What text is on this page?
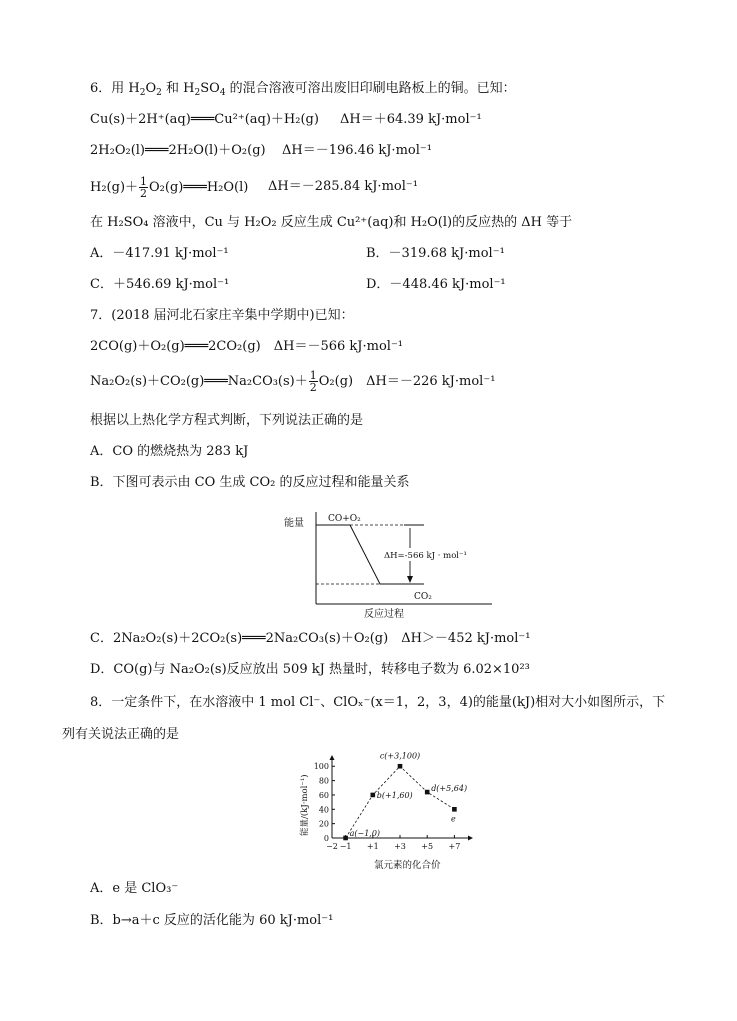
6．用 $H_2O_2$ 和 $H_2SO_4$ 的混合溶液可溶出废旧印刷电路板上的铜。已知：
Cu(s)＋2H⁺(aq)═══Cu²⁺(aq)＋H₂(g) ΔH＝＋64.39 kJ·mol⁻¹
2H₂O₂(l)═══2H₂O(l)＋O₂(g) ΔH＝－196.46 kJ·mol⁻¹
$H_2(g)+ \frac{1}{2}$ O₂(g)═══H₂O(l) ΔH＝－285.84 kJ·mol⁻¹
在 H₂SO₄ 溶液中，Cu 与 H₂O₂ 反应生成 Cu²⁺(aq)和 H₂O(l)的反应热的 ΔH 等于
A．－417.91 kJ·mol⁻¹	B．－319.68 kJ·mol⁻¹
C．＋546.69 kJ·mol⁻¹	D．－448.46 kJ·mol⁻¹
7．(2018 届河北石家庄辛集中学期中)已知：
2CO(g)＋O₂(g)═══2CO₂(g)　 ΔH＝－566 kJ·mol⁻¹
Na₂O₂(s)＋CO₂(g)═══Na₂CO₃(s)＋ $\frac{1}{2} O_2(g)$　 ΔH＝－226 kJ·mol⁻¹
根据以上热化学方程式判断，下列说法正确的是
A．CO 的燃烧热为 283 kJ
B．下图可表示由 CO 生成 CO₂ 的反应过程和能量关系
能量	CO+O₂
ΔH=-566 kJ · mol⁻¹
CO₂
反应过程
C．2Na₂O₂(s)＋2CO₂(s)═══2Na₂CO₃(s)＋O₂(g)　ΔH＞－452 kJ·mol⁻¹
D．CO(g)与 Na₂O₂(s)反应放出 509 kJ 热量时，转移电子数为 6.02×10²³
8．一定条件下，在水溶液中 1 mol Cl⁻、ClOₓ⁻(x＝1，2，3，4)的能量(kJ)相对大小如图所示，下
列有关说法正确的是
能量/(kJ·mol⁻¹)
氯元素的化合价
0
20
40
60
80
100
−2 −1 +1 +3 +5 +7
a(−1,0)
b(+1,60)
c(+3,100)
d(+5,64)
e
A．e 是 ClO₃⁻
B．b→a＋c 反应的活化能为 60 kJ·mol⁻¹
